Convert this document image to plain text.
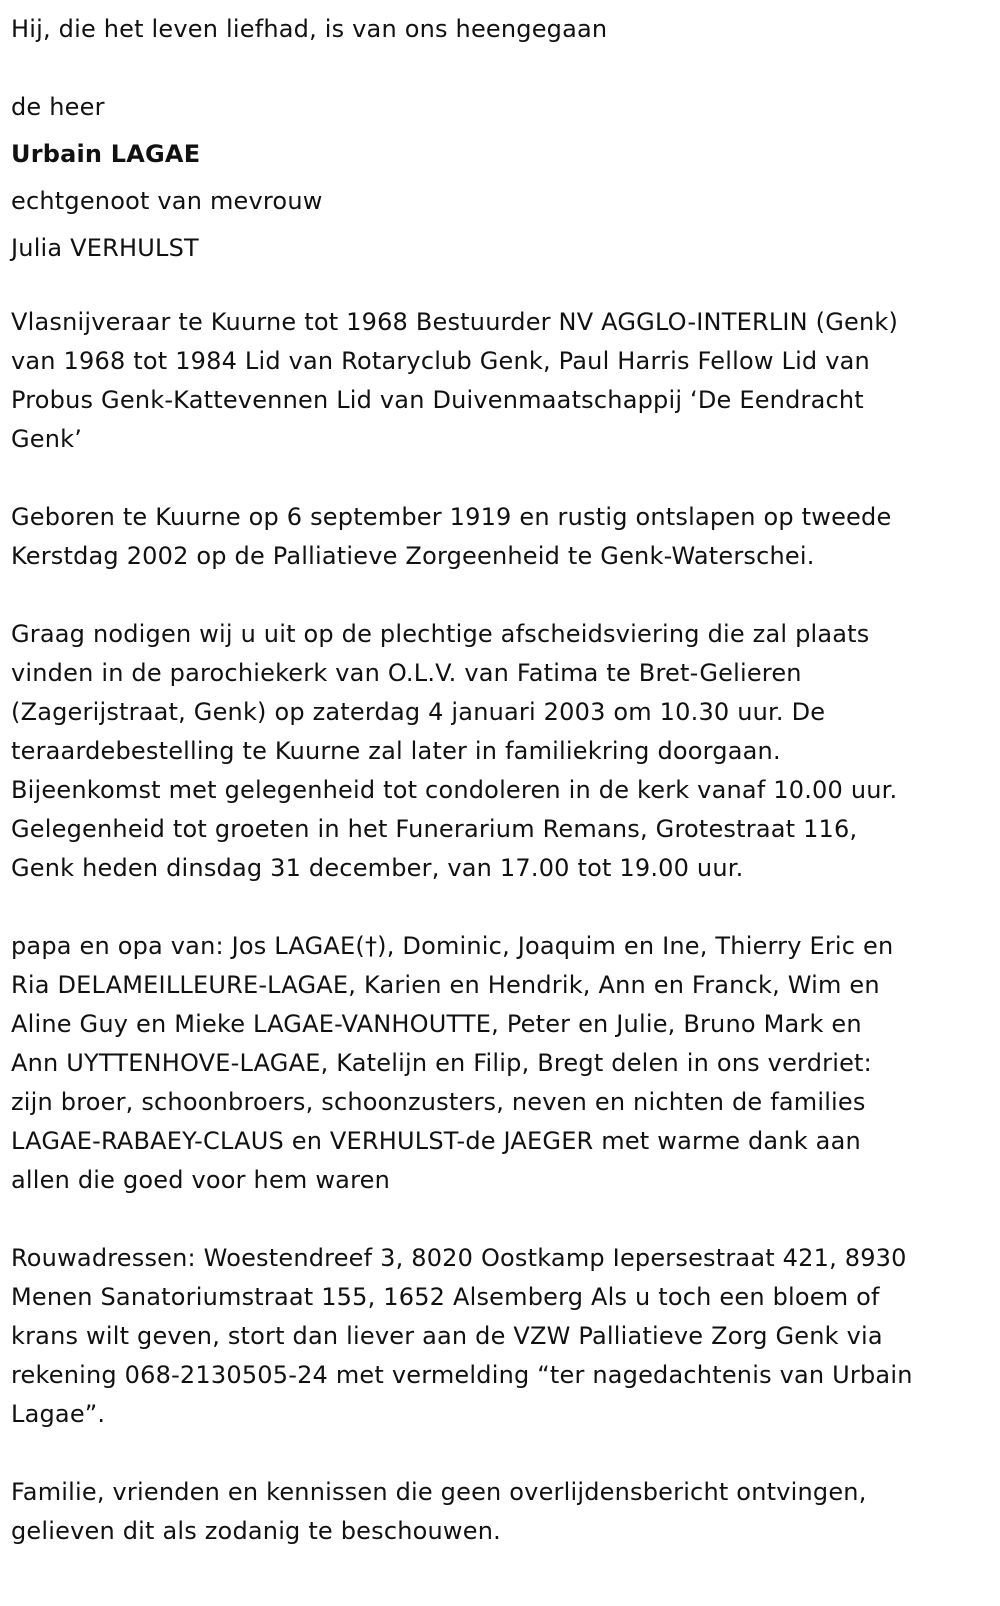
Hij, die het leven liefhad, is van ons heengegaan
de heer
Urbain LAGAE
echtgenoot van mevrouw
Julia VERHULST
Vlasnijveraar te Kuurne tot 1968 Bestuurder NV AGGLO-INTERLIN (Genk)
van 1968 tot 1984 Lid van Rotaryclub Genk, Paul Harris Fellow Lid van
Probus Genk-Kattevennen Lid van Duivenmaatschappij ‘De Eendracht
Genk’
Geboren te Kuurne op 6 september 1919 en rustig ontslapen op tweede
Kerstdag 2002 op de Palliatieve Zorgeenheid te Genk-Waterschei.
Graag nodigen wij u uit op de plechtige afscheidsviering die zal plaats
vinden in de parochiekerk van O.L.V. van Fatima te Bret-Gelieren
(Zagerijstraat, Genk) op zaterdag 4 januari 2003 om 10.30 uur. De
teraardebestelling te Kuurne zal later in familiekring doorgaan.
Bijeenkomst met gelegenheid tot condoleren in de kerk vanaf 10.00 uur.
Gelegenheid tot groeten in het Funerarium Remans, Grotestraat 116,
Genk heden dinsdag 31 december, van 17.00 tot 19.00 uur.
papa en opa van: Jos LAGAE(†), Dominic, Joaquim en Ine, Thierry Eric en
Ria DELAMEILLEURE-LAGAE, Karien en Hendrik, Ann en Franck, Wim en
Aline Guy en Mieke LAGAE-VANHOUTTE, Peter en Julie, Bruno Mark en
Ann UYTTENHOVE-LAGAE, Katelijn en Filip, Bregt delen in ons verdriet:
zijn broer, schoonbroers, schoonzusters, neven en nichten de families
LAGAE-RABAEY-CLAUS en VERHULST-de JAEGER met warme dank aan
allen die goed voor hem waren
Rouwadressen: Woestendreef 3, 8020 Oostkamp Iepersestraat 421, 8930
Menen Sanatoriumstraat 155, 1652 Alsemberg Als u toch een bloem of
krans wilt geven, stort dan liever aan de VZW Palliatieve Zorg Genk via
rekening 068-2130505-24 met vermelding “ter nagedachtenis van Urbain
Lagae”.
Familie, vrienden en kennissen die geen overlijdensbericht ontvingen,
gelieven dit als zodanig te beschouwen.
